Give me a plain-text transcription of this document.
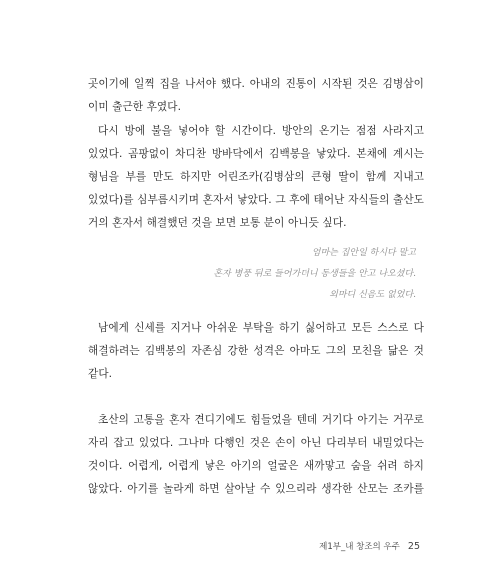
곳이기에 일찍 집을 나서야 했다. 아내의 진통이 시작된 것은 김병삼이
이미 출근한 후였다.
다시 방에 불을 넣어야 할 시간이다. 방안의 온기는 점점 사라지고
있었다. 곰팡없이 차디찬 방바닥에서 김백봉을 낳았다. 본채에 계시는
형님을 부를 만도 하지만 어린조카(김병삼의 큰형 딸이 함께 지내고
있었다)를 심부름시키며 혼자서 낳았다. 그 후에 태어난 자식들의 출산도
거의 혼자서 해결했던 것을 보면 보통 분이 아니듯 싶다.
엄마는 집안일 하시다 말고
혼자 병풍 뒤로 들어가더니 동생들을 안고 나오셨다.
외마디 신음도 없었다.
남에게 신세를 지거나 아쉬운 부탁을 하기 싫어하고 모든 스스로 다
해결하려는 김백봉의 자존심 강한 성격은 아마도 그의 모친을 닮은 것
같다.
초산의 고통을 혼자 견디기에도 힘들었을 텐데 거기다 아기는 거꾸로
자리 잡고 있었다. 그나마 다행인 것은 손이 아닌 다리부터 내밀었다는
것이다. 어렵게, 어렵게 낳은 아기의 얼굴은 새까맣고 숨을 쉬려 하지
않았다. 아기를 놀라게 하면 살아날 수 있으리라 생각한 산모는 조카를
제1부_내 창조의 우주 25
